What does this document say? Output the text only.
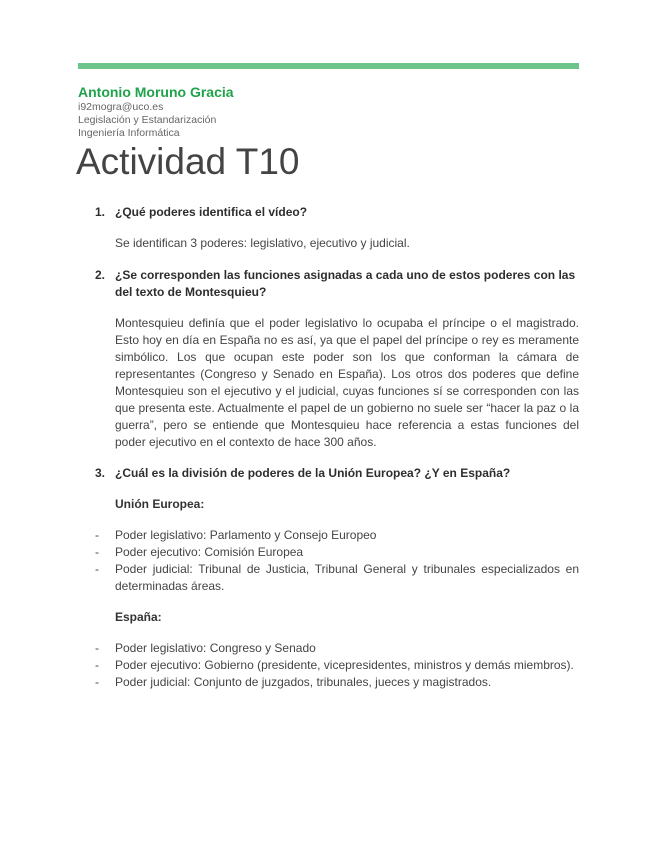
Antonio Moruno Gracia
i92mogra@uco.es
Legislación y Estandarización
Ingeniería Informática
Actividad T10
1. ¿Qué poderes identifica el vídeo?
Se identifican 3 poderes: legislativo, ejecutivo y judicial.
2. ¿Se corresponden las funciones asignadas a cada uno de estos poderes con las del texto de Montesquieu?
Montesquieu definía que el poder legislativo lo ocupaba el príncipe o el magistrado. Esto hoy en día en España no es así, ya que el papel del príncipe o rey es meramente simbólico. Los que ocupan este poder son los que conforman la cámara de representantes (Congreso y Senado en España). Los otros dos poderes que define Montesquieu son el ejecutivo y el judicial, cuyas funciones sí se corresponden con las que presenta este. Actualmente el papel de un gobierno no suele ser “hacer la paz o la guerra”, pero se entiende que Montesquieu hace referencia a estas funciones del poder ejecutivo en el contexto de hace 300 años.
3. ¿Cuál es la división de poderes de la Unión Europea? ¿Y en España?
Unión Europea:
-	Poder legislativo: Parlamento y Consejo Europeo
-	Poder ejecutivo: Comisión Europea
-	Poder judicial: Tribunal de Justicia, Tribunal General y tribunales especializados en determinadas áreas.
España:
-	Poder legislativo: Congreso y Senado
-	Poder ejecutivo: Gobierno (presidente, vicepresidentes, ministros y demás miembros).
-	Poder judicial: Conjunto de juzgados, tribunales, jueces y magistrados.
